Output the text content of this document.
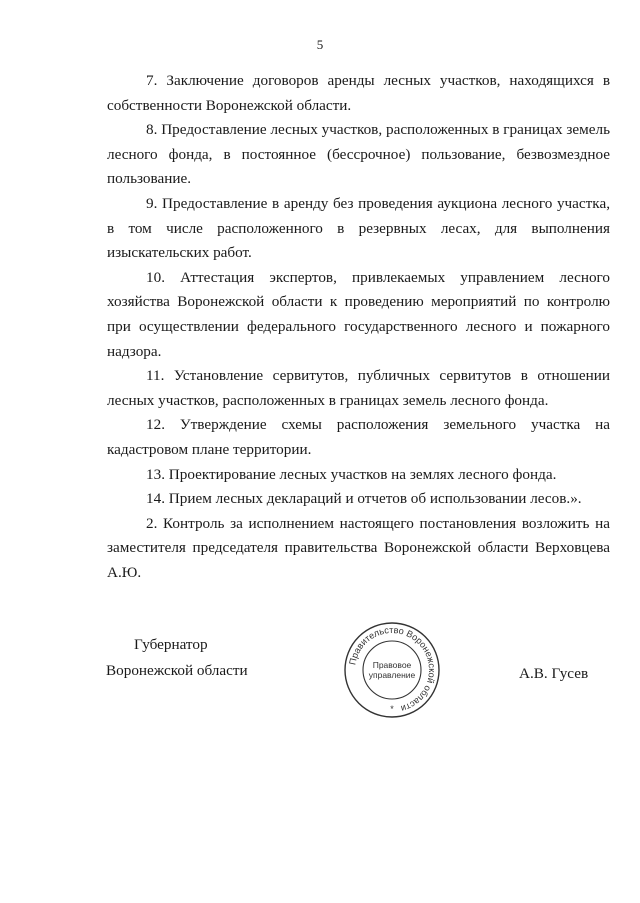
5

7. Заключение договоров аренды лесных участков, находящихся в собственности Воронежской области.

8. Предоставление лесных участков, расположенных в границах земель лесного фонда, в постоянное (бессрочное) пользование, безвозмездное пользование.

9. Предоставление в аренду без проведения аукциона лесного участка, в том числе расположенного в резервных лесах, для выполнения изыскательских работ.

10. Аттестация экспертов, привлекаемых управлением лесного хозяйства Воронежской области к проведению мероприятий по контролю при осуществлении федерального государственного лесного и пожарного надзора.

11. Установление сервитутов, публичных сервитутов в отношении лесных участков, расположенных в границах земель лесного фонда.

12. Утверждение схемы расположения земельного участка на кадастровом плане территории.

13. Проектирование лесных участков на землях лесного фонда.

14. Прием лесных деклараций и отчетов об использовании лесов.».

2. Контроль за исполнением настоящего постановления возложить на заместителя председателя правительства Воронежской области Верховцева А.Ю.

Губернатор
Воронежской области	А.В. Гусев
Правительство Воронежской области
Правовое
управление
*
